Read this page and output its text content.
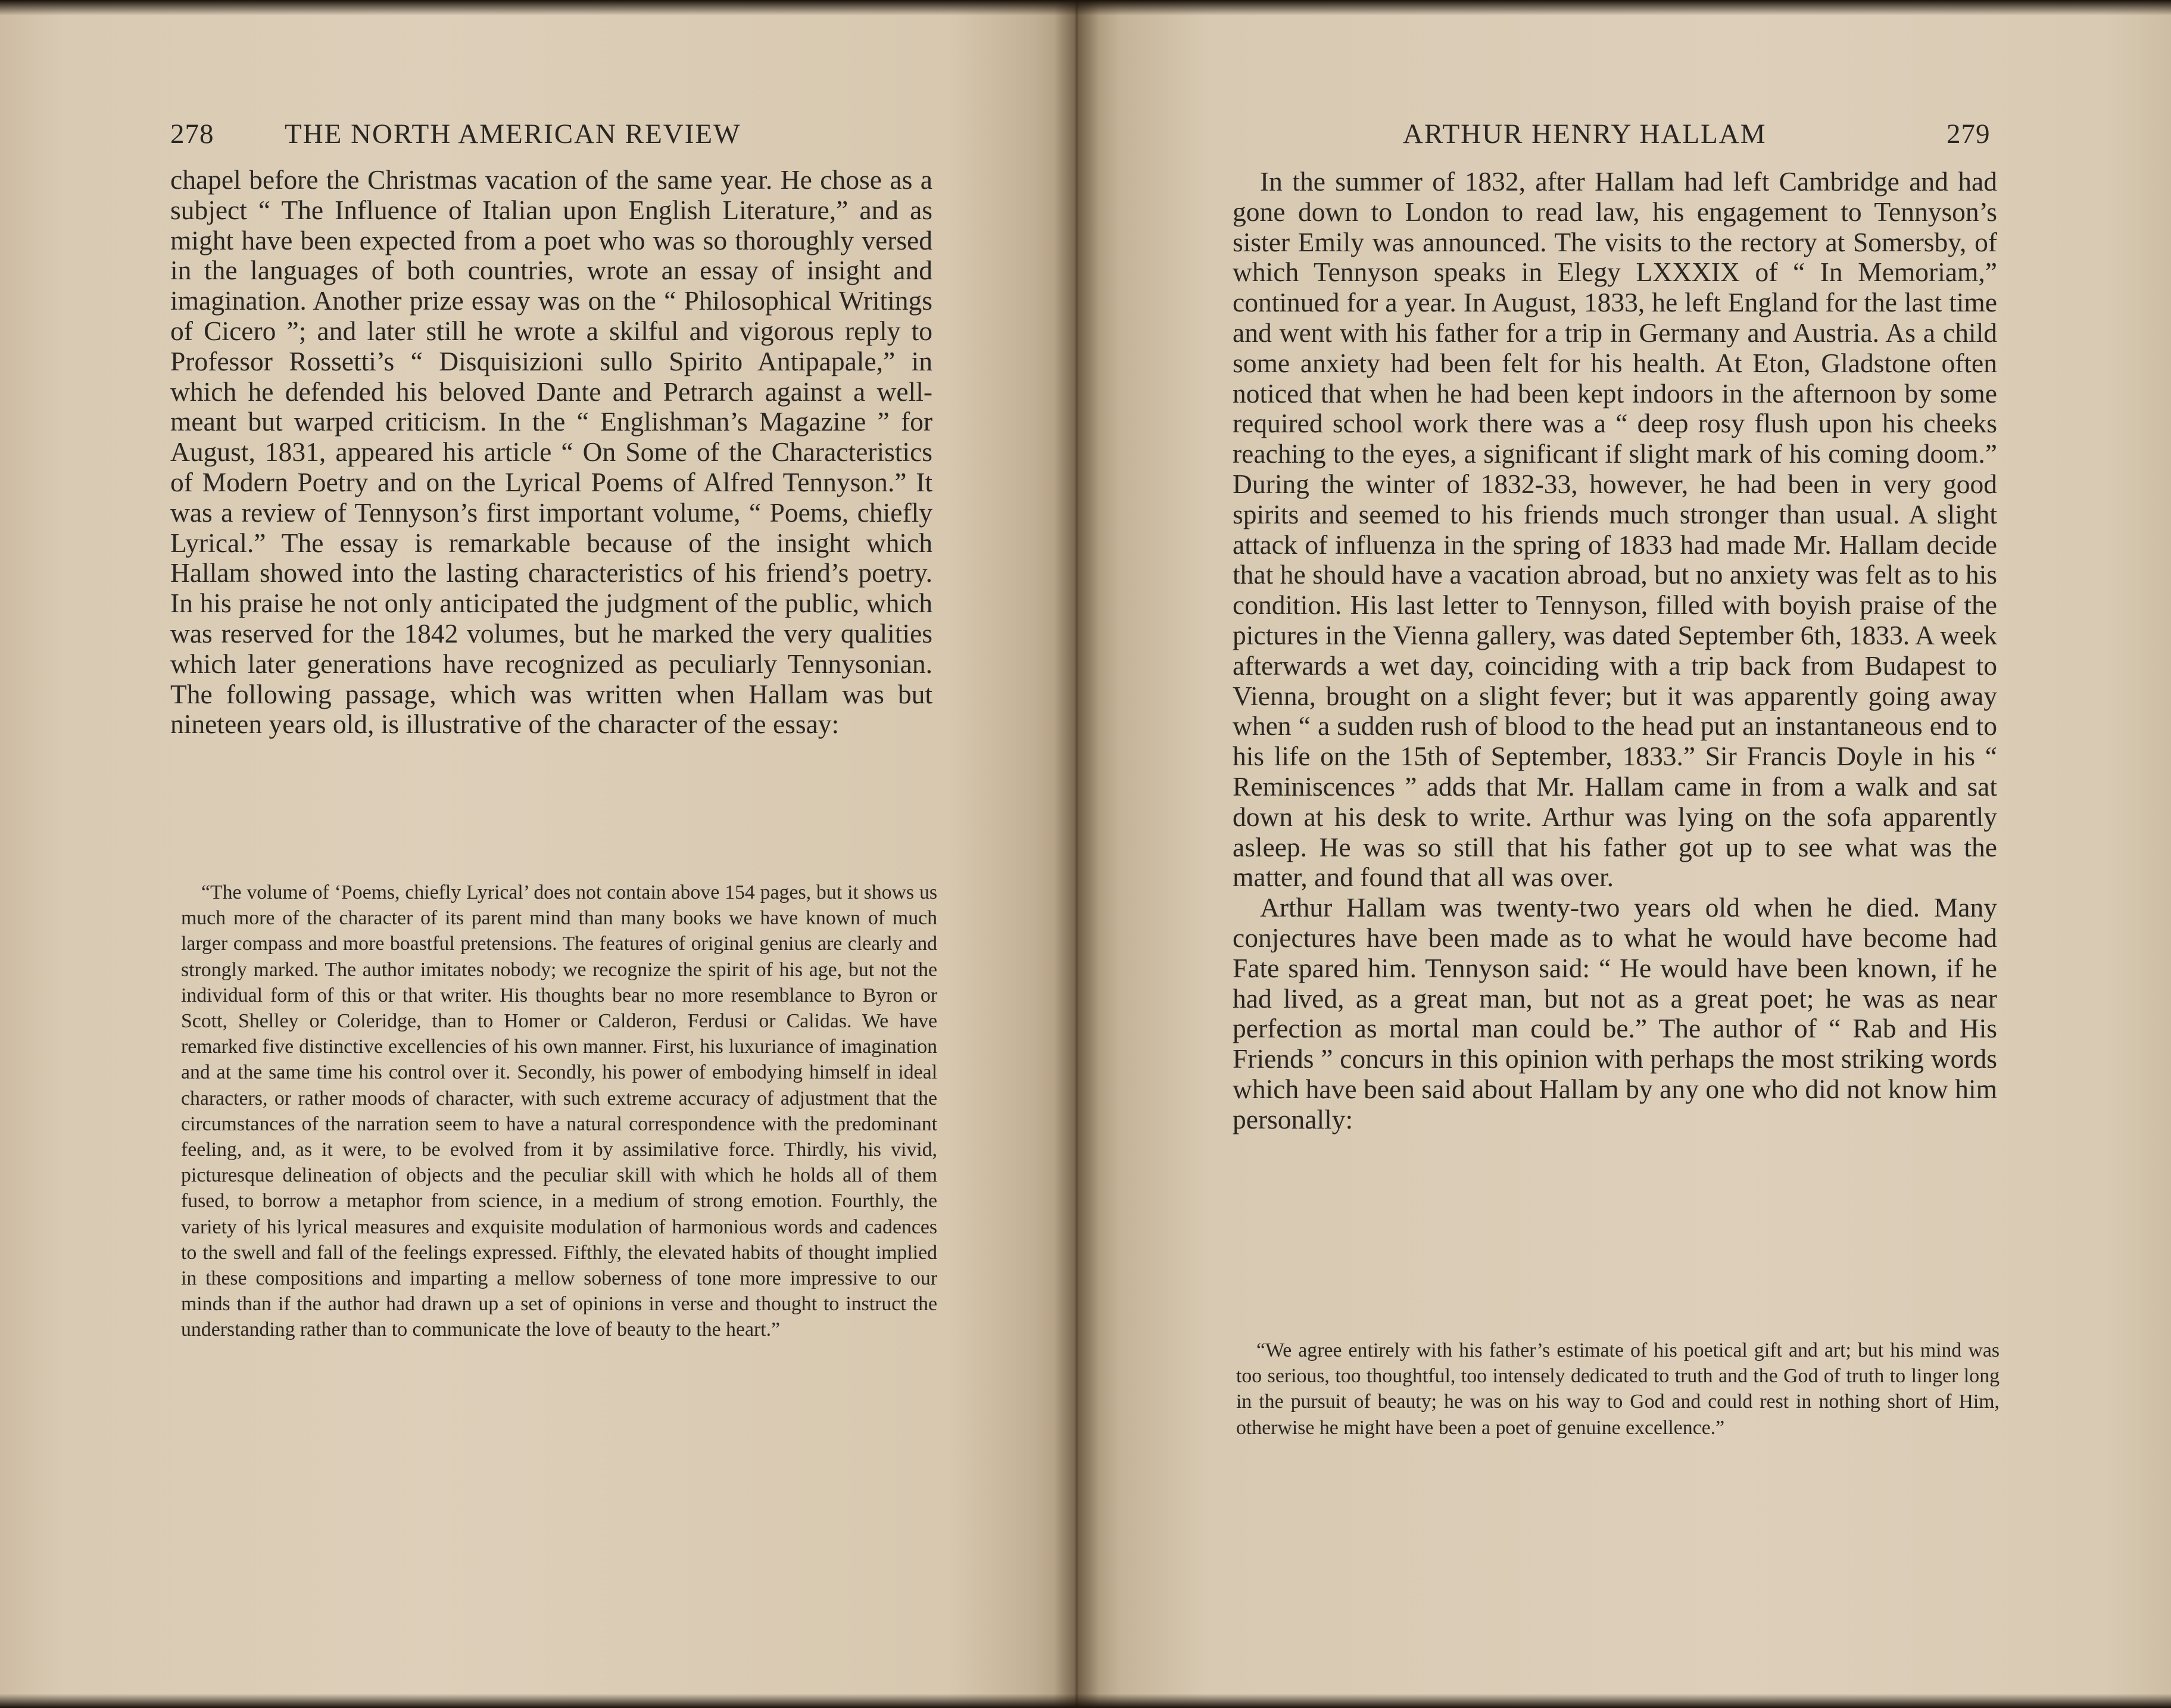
278	THE NORTH AMERICAN REVIEW

chapel before the Christmas vacation of the same year. He chose as a subject “ The Influence of Italian upon English Literature,” and as might have been expected from a poet who was so thoroughly versed in the languages of both countries, wrote an essay of insight and imagination. Another prize essay was on the “ Philosophical Writings of Cicero ”; and later still he wrote a skilful and vigorous reply to Professor Rossetti’s “ Disquisizioni sullo Spirito Antipapale,” in which he defended his beloved Dante and Petrarch against a well-meant but warped criticism. In the “ Englishman’s Magazine ” for August, 1831, appeared his article “ On Some of the Characteristics of Modern Poetry and on the Lyrical Poems of Alfred Tennyson.” It was a review of Tennyson’s first important volume, “ Poems, chiefly Lyrical.” The essay is remarkable because of the insight which Hallam showed into the lasting characteristics of his friend’s poetry. In his praise he not only anticipated the judgment of the public, which was reserved for the 1842 volumes, but he marked the very qualities which later generations have recognized as peculiarly Tennysonian. The following passage, which was written when Hallam was but nineteen years old, is illustrative of the character of the essay:

“The volume of ‘Poems, chiefly Lyrical’ does not contain above 154 pages, but it shows us much more of the character of its parent mind than many books we have known of much larger compass and more boastful pretensions. The features of original genius are clearly and strongly marked. The author imitates nobody; we recognize the spirit of his age, but not the individual form of this or that writer. His thoughts bear no more resemblance to Byron or Scott, Shelley or Coleridge, than to Homer or Calderon, Ferdusi or Calidas. We have remarked five distinctive excellencies of his own manner. First, his luxuriance of imagination and at the same time his control over it. Secondly, his power of embodying himself in ideal characters, or rather moods of character, with such extreme accuracy of adjustment that the circumstances of the narration seem to have a natural correspondence with the predominant feeling, and, as it were, to be evolved from it by assimilative force. Thirdly, his vivid, picturesque delineation of objects and the peculiar skill with which he holds all of them fused, to borrow a metaphor from science, in a medium of strong emotion. Fourthly, the variety of his lyrical measures and exquisite modulation of harmonious words and cadences to the swell and fall of the feelings expressed. Fifthly, the elevated habits of thought implied in these compositions and imparting a mellow soberness of tone more impressive to our minds than if the author had drawn up a set of opinions in verse and thought to instruct the understanding rather than to communicate the love of beauty to the heart.”

ARTHUR HENRY HALLAM	279

In the summer of 1832, after Hallam had left Cambridge and had gone down to London to read law, his engagement to Tennyson’s sister Emily was announced. The visits to the rectory at Somersby, of which Tennyson speaks in Elegy LXXXIX of “ In Memoriam,” continued for a year. In August, 1833, he left England for the last time and went with his father for a trip in Germany and Austria. As a child some anxiety had been felt for his health. At Eton, Gladstone often noticed that when he had been kept indoors in the afternoon by some required school work there was a “ deep rosy flush upon his cheeks reaching to the eyes, a significant if slight mark of his coming doom.” During the winter of 1832-33, however, he had been in very good spirits and seemed to his friends much stronger than usual. A slight attack of influenza in the spring of 1833 had made Mr. Hallam decide that he should have a vacation abroad, but no anxiety was felt as to his condition. His last letter to Tennyson, filled with boyish praise of the pictures in the Vienna gallery, was dated September 6th, 1833. A week afterwards a wet day, coinciding with a trip back from Budapest to Vienna, brought on a slight fever; but it was apparently going away when “ a sudden rush of blood to the head put an instantaneous end to his life on the 15th of September, 1833.” Sir Francis Doyle in his “ Reminiscences ” adds that Mr. Hallam came in from a walk and sat down at his desk to write. Arthur was lying on the sofa apparently asleep. He was so still that his father got up to see what was the matter, and found that all was over.

Arthur Hallam was twenty-two years old when he died. Many conjectures have been made as to what he would have become had Fate spared him. Tennyson said: “ He would have been known, if he had lived, as a great man, but not as a great poet; he was as near perfection as mortal man could be.” The author of “ Rab and His Friends ” concurs in this opinion with perhaps the most striking words which have been said about Hallam by any one who did not know him personally:

“We agree entirely with his father’s estimate of his poetical gift and art; but his mind was too serious, too thoughtful, too intensely dedicated to truth and the God of truth to linger long in the pursuit of beauty; he was on his way to God and could rest in nothing short of Him, otherwise he might have been a poet of genuine excellence.”
